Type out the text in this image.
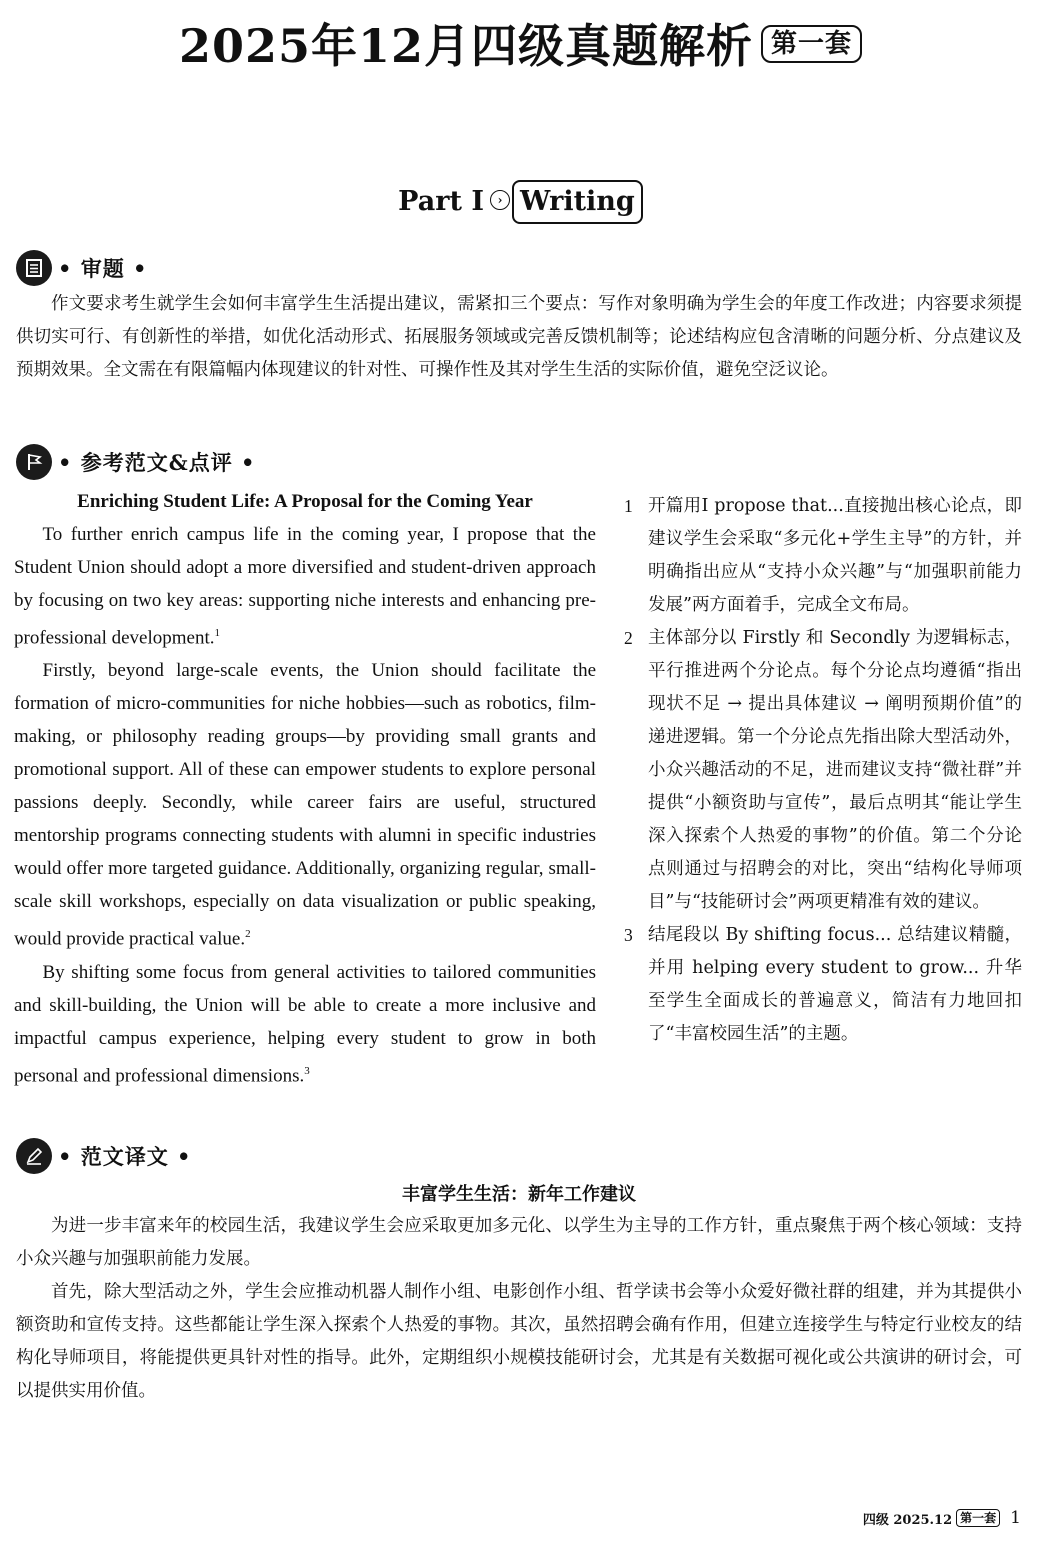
2025年12月四级真题解析 第一套
Part I › Writing
• 审题 •

作文要求考生就学生会如何丰富学生生活提出建议，需紧扣三个要点：写作对象明确为学生会的年度工作改进；内容要求须提供切实可行、有创新性的举措，如优化活动形式、拓展服务领域或完善反馈机制等；论述结构应包含清晰的问题分析、分点建议及预期效果。全文需在有限篇幅内体现建议的针对性、可操作性及其对学生生活的实际价值，避免空泛议论。

• 参考范文&点评 •
Enriching Student Life: A Proposal for the Coming Year

To further enrich campus life in the coming year, I propose that the Student Union should adopt a more diversified and student-driven approach by focusing on two key areas: supporting niche interests and enhancing pre-professional development.$^1$

Firstly, beyond large-scale events, the Union should facilitate the formation of micro-communities for niche hobbies—such as robotics, film-making, or philosophy reading groups—by providing small grants and promotional support. All of these can empower students to explore personal passions deeply. Secondly, while career fairs are useful, structured mentorship programs connecting students with alumni in specific industries would offer more targeted guidance. Additionally, organizing regular, small-scale skill workshops, especially on data visualization or public speaking, would provide practical value.$^2$

By shifting some focus from general activities to tailored communities and skill-building, the Union will be able to create a more inclusive and impactful campus experience, helping every student to grow in both personal and professional dimensions.$^3$

1 开篇用I propose that...直接抛出核心论点，即建议学生会采取“多元化+学生主导”的方针，并明确指出应从“支持小众兴趣”与“加强职前能力发展”两方面着手，完成全文布局。
2 主体部分以 Firstly 和 Secondly 为逻辑标志，平行推进两个分论点。每个分论点均遵循“指出现状不足 → 提出具体建议 → 阐明预期价值”的递进逻辑。第一个分论点先指出除大型活动外，小众兴趣活动的不足，进而建议支持“微社群”并提供“小额资助与宣传”，最后点明其“能让学生深入探索个人热爱的事物”的价值。第二个分论点则通过与招聘会的对比，突出“结构化导师项目”与“技能研讨会”两项更精准有效的建议。
3 结尾段以 By shifting focus... 总结建议精髓，并用 helping every student to grow... 升华至学生全面成长的普遍意义，简洁有力地回扣了“丰富校园生活”的主题。
• 范文译文 •
丰富学生生活：新年工作建议

为进一步丰富来年的校园生活，我建议学生会应采取更加多元化、以学生为主导的工作方针，重点聚焦于两个核心领域：支持小众兴趣与加强职前能力发展。

首先，除大型活动之外，学生会应推动机器人制作小组、电影创作小组、哲学读书会等小众爱好微社群的组建，并为其提供小额资助和宣传支持。这些都能让学生深入探索个人热爱的事物。其次，虽然招聘会确有作用，但建立连接学生与特定行业校友的结构化导师项目，将能提供更具针对性的指导。此外，定期组织小规模技能研讨会，尤其是有关数据可视化或公共演讲的研讨会，可以提供实用价值。

四级 2025.12 第一套 1
